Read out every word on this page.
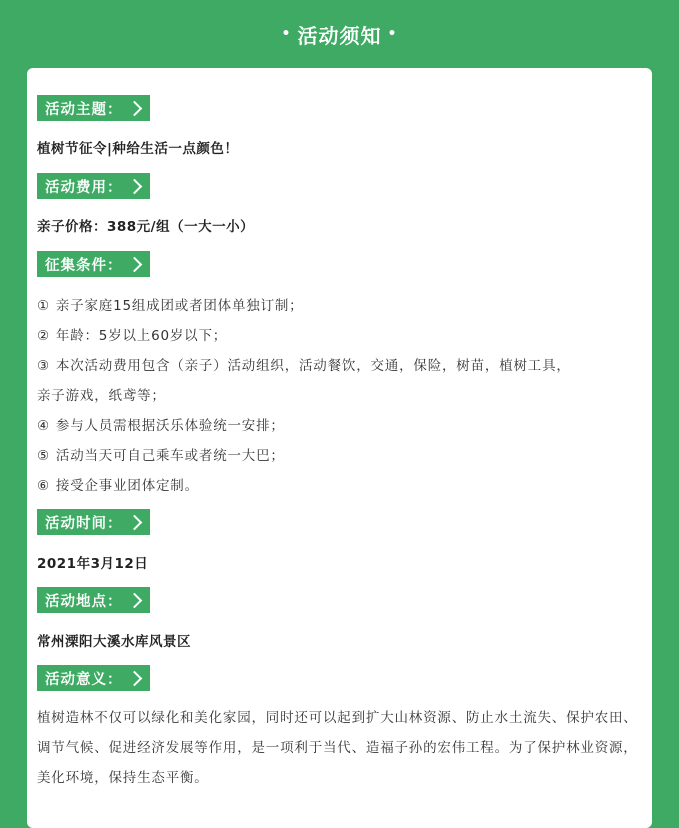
• 活动须知 •
活动主题：
植树节征令|种给生活一点颜色！
活动费用：
亲子价格：388元/组（一大一小）
征集条件：
① 亲子家庭15组成团或者团体单独订制；
② 年龄：5岁以上60岁以下；
③ 本次活动费用包含（亲子）活动组织，活动餐饮，交通，保险，树苗，植树工具，
亲子游戏，纸鸢等；
④ 参与人员需根据沃乐体验统一安排；
⑤ 活动当天可自己乘车或者统一大巴；
⑥ 接受企事业团体定制。
活动时间：
2021年3月12日
活动地点：
常州溧阳大溪水库风景区
活动意义：
植树造林不仅可以绿化和美化家园，同时还可以起到扩大山林资源、防止水土流失、保护农田、调节气候、促进经济发展等作用，是一项利于当代、造福子孙的宏伟工程。为了保护林业资源，美化环境，保持生态平衡。
